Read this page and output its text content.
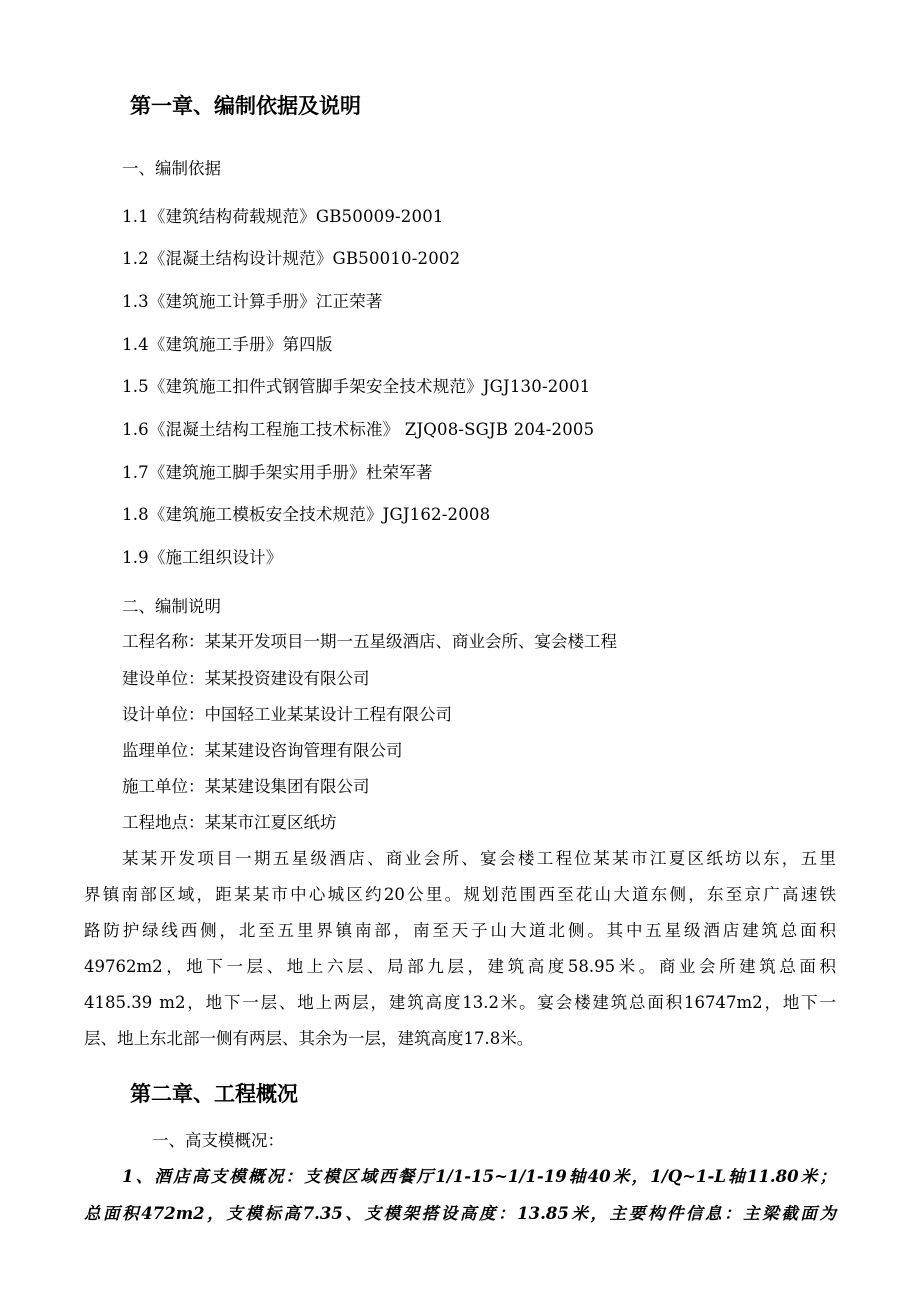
第一章、编制依据及说明

一、编制依据

1.1《建筑结构荷载规范》GB50009-2001

1.2《混凝土结构设计规范》GB50010-2002

1.3《建筑施工计算手册》江正荣著

1.4《建筑施工手册》第四版

1.5《建筑施工扣件式钢管脚手架安全技术规范》JGJ130-2001

1.6《混凝土结构工程施工技术标准》 ZJQ08-SGJB 204-2005

1.7《建筑施工脚手架实用手册》杜荣军著

1.8《建筑施工模板安全技术规范》JGJ162-2008

1.9《施工组织设计》

二、编制说明

工程名称：某某开发项目一期一五星级酒店、商业会所、宴会楼工程

建设单位：某某投资建设有限公司

设计单位：中国轻工业某某设计工程有限公司

监理单位：某某建设咨询管理有限公司

施工单位：某某建设集团有限公司

工程地点：某某市江夏区纸坊

某某开发项目一期五星级酒店、商业会所、宴会楼工程位某某市江夏区纸坊以东，五里

界镇南部区域，距某某市中心城区约20公里。规划范围西至花山大道东侧，东至京广高速铁

路防护绿线西侧，北至五里界镇南部，南至天子山大道北侧。其中五星级酒店建筑总面积

49762m2，地下一层、地上六层、局部九层，建筑高度58.95米。商业会所建筑总面积

4185.39 m2，地下一层、地上两层，建筑高度13.2米。宴会楼建筑总面积16747m2，地下一

层、地上东北部一侧有两层、其余为一层，建筑高度17.8米。

第二章、工程概况

一、高支模概况：

1、酒店高支模概况：支模区域西餐厅1/1-15~1/1-19轴40米，1/Q~1-L轴11.80米；

总面积472m2，支模标高7.35、支模架搭设高度：13.85米，主要构件信息：主梁截面为
